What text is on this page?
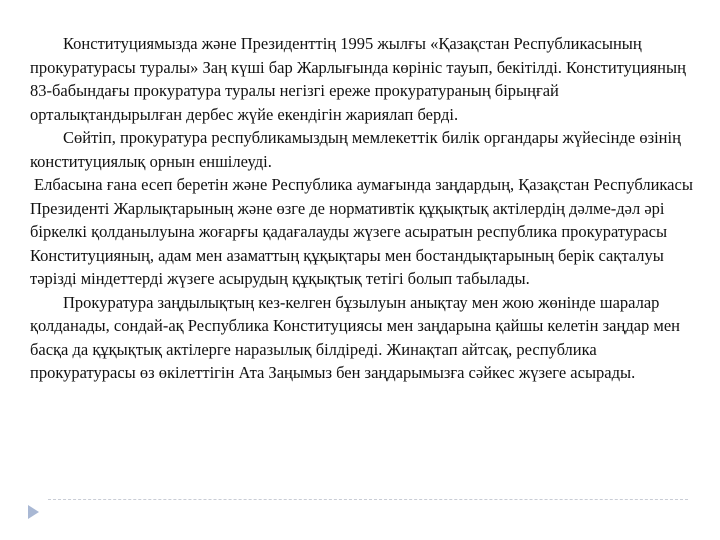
Конституциямызда және Президенттің 1995 жылғы «Қазақстан Республикасының прокуратурасы туралы» Заң күші бар Жарлығында көрініс тауып, бекітілді. Конституцияның 83-бабындағы прокуратура туралы негізгі ереже прокуратураның бірыңғай орталықтандырылған дербес жүйе екендігін жариялап берді.

Сөйтіп, прокуратура республикамыздың мемлекеттік билік органдары жүйесінде өзінің конституциялық орнын еншілеуді.

Елбасына ғана есеп беретін және Республика аумағында заңдардың, Қазақстан Республикасы Президенті Жарлықтарының және өзге де нормативтік құқықтық актілердің дәлме-дәл әрі біркелкі қолданылуына жоғарғы қадағалауды жүзеге асыратын республика прокуратурасы Конституцияның, адам мен азаматтың құқықтары мен бостандықтарының берік сақталуы тәрізді міндеттерді жүзеге асырудың құқықтық тетігі болып табылады.

Прокуратура заңдылықтың кез-келген бұзылуын анықтау мен жою жөнінде шаралар қолданады, сондай-ақ Республика Конституциясы мен заңдарына қайшы келетін заңдар мен басқа да құқықтық актілерге наразылық білдіреді. Жинақтап айтсақ, республика прокуратурасы өз өкілеттігін Ата Заңымыз бен заңдарымызға сәйкес жүзеге асырады.
